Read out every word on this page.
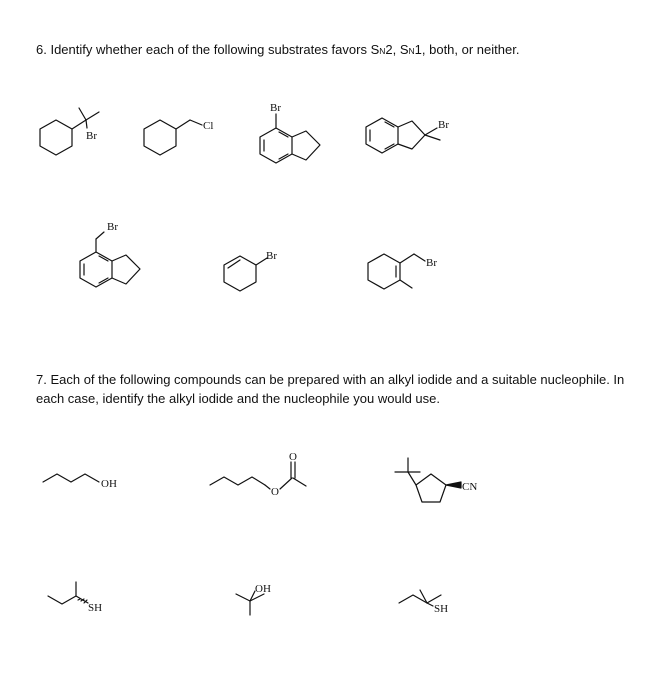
6. Identify whether each of the following substrates favors SN2, SN1, both, or neither.
7. Each of the following compounds can be prepared with an alkyl iodide and a suitable nucleophile. In each case, identify the alkyl iodide and the nucleophile you would use.
Br
Cl
Br
Br
Br
Br
Br
OH
O
O
CN
SH
OH
SH
